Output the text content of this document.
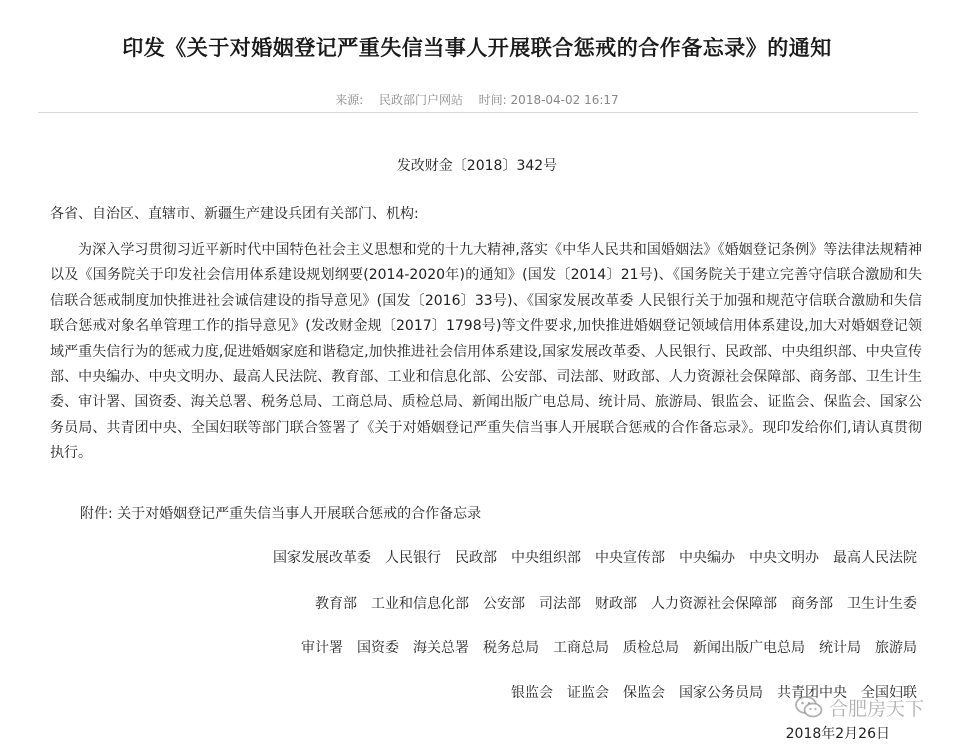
印发《关于对婚姻登记严重失信当事人开展联合惩戒的合作备忘录》的通知
来源: 民政部门户网站 时间: 2018-04-02 16:17
发改财金〔2018〕342号
各省、自治区、直辖市、新疆生产建设兵团有关部门、机构:
为深入学习贯彻习近平新时代中国特色社会主义思想和党的十九大精神,落实《中华人民共和国婚姻法》《婚姻登记条例》等法律法规精神以及《国务院关于印发社会信用体系建设规划纲要(2014-2020年)的通知》(国发〔2014〕21号)、《国务院关于建立完善守信联合激励和失信联合惩戒制度加快推进社会诚信建设的指导意见》(国发〔2016〕33号)、《国家发展改革委 人民银行关于加强和规范守信联合激励和失信联合惩戒对象名单管理工作的指导意见》(发改财金规〔2017〕1798号)等文件要求,加快推进婚姻登记领域信用体系建设,加大对婚姻登记领域严重失信行为的惩戒力度,促进婚姻家庭和谐稳定,加快推进社会信用体系建设,国家发展改革委、人民银行、民政部、中央组织部、中央宣传部、中央编办、中央文明办、最高人民法院、教育部、工业和信息化部、公安部、司法部、财政部、人力资源社会保障部、商务部、卫生计生委、审计署、国资委、海关总署、税务总局、工商总局、质检总局、新闻出版广电总局、统计局、旅游局、银监会、证监会、保监会、国家公务员局、共青团中央、全国妇联等部门联合签署了《关于对婚姻登记严重失信当事人开展联合惩戒的合作备忘录》。现印发给你们,请认真贯彻执行。
附件: 关于对婚姻登记严重失信当事人开展联合惩戒的合作备忘录
国家发展改革委 人民银行 民政部 中央组织部 中央宣传部 中央编办 中央文明办 最高人民法院
教育部 工业和信息化部 公安部 司法部 财政部 人力资源社会保障部 商务部 卫生计生委
审计署 国资委 海关总署 税务总局 工商总局 质检总局 新闻出版广电总局 统计局 旅游局
银监会 证监会 保监会 国家公务员局 共青团中央 全国妇联
合肥房天下
2018年2月26日
